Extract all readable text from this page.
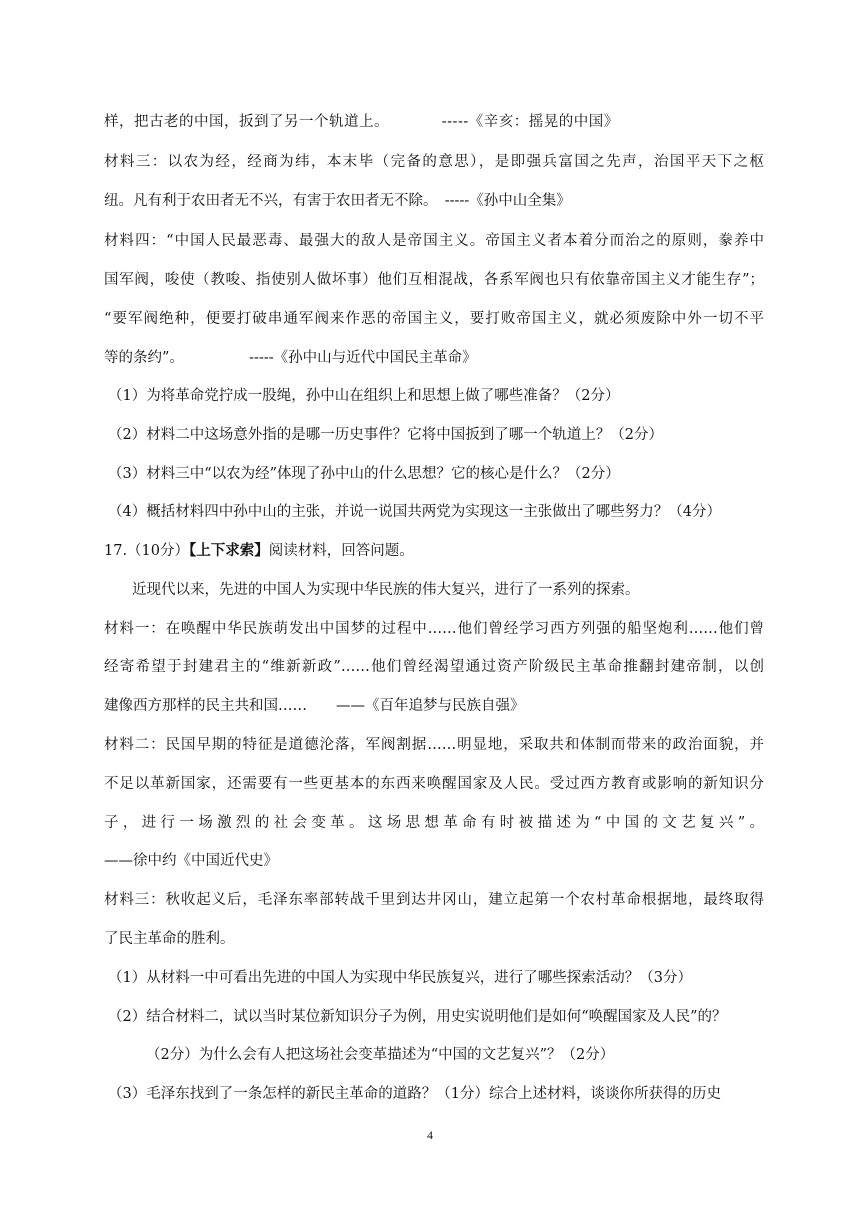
样，把古老的中国，扳到了另一个轨道上。　　　　-----《辛亥：摇晃的中国》
材料三：以农为经，经商为纬，本末毕（完备的意思），是即强兵富国之先声，治国平天下之枢
纽。凡有利于农田者无不兴，有害于农田者无不除。　-----《孙中山全集》
材料四：“中国人民最恶毒、最强大的敌人是帝国主义。帝国主义者本着分而治之的原则，豢养中
国军阀，唆使（教唆、指使别人做坏事）他们互相混战，各系军阀也只有依靠帝国主义才能生存”；
“要军阀绝种，便要打破串通军阀来作恶的帝国主义，要打败帝国主义，就必须废除中外一切不平
等的条约”。　　　　　-----《孙中山与近代中国民主革命》
（1）为将革命党拧成一股绳，孙中山在组织上和思想上做了哪些准备？（2分）
（2）材料二中这场意外指的是哪一历史事件？它将中国扳到了哪一个轨道上？（2分）
（3）材料三中“以农为经”体现了孙中山的什么思想？它的核心是什么？（2分）
（4）概括材料四中孙中山的主张，并说一说国共两党为实现这一主张做出了哪些努力？（4分）
17.（10分）【上下求索】阅读材料，回答问题。
近现代以来，先进的中国人为实现中华民族的伟大复兴，进行了一系列的探索。
材料一：在唤醒中华民族萌发出中国梦的过程中……他们曾经学习西方列强的船坚炮利……他们曾
经寄希望于封建君主的“维新新政”……他们曾经渴望通过资产阶级民主革命推翻封建帝制，以创
建像西方那样的民主共和国……　　——《百年追梦与民族自强》
材料二：民国早期的特征是道德沦落，军阀割据……明显地，采取共和体制而带来的政治面貌，并
不足以革新国家，还需要有一些更基本的东西来唤醒国家及人民。受过西方教育或影响的新知识分
子，进行一场激烈的社会变革。这场思想革命有时被描述为“中国的文艺复兴”。
——徐中约《中国近代史》
材料三：秋收起义后，毛泽东率部转战千里到达井冈山，建立起第一个农村革命根据地，最终取得
了民主革命的胜利。
（1）从材料一中可看出先进的中国人为实现中华民族复兴，进行了哪些探索活动？（3分）
（2）结合材料二，试以当时某位新知识分子为例，用史实说明他们是如何“唤醒国家及人民”的？
（2分）为什么会有人把这场社会变革描述为“中国的文艺复兴”？（2分）
（3）毛泽东找到了一条怎样的新民主革命的道路？（1分）综合上述材料，谈谈你所获得的历史
4
